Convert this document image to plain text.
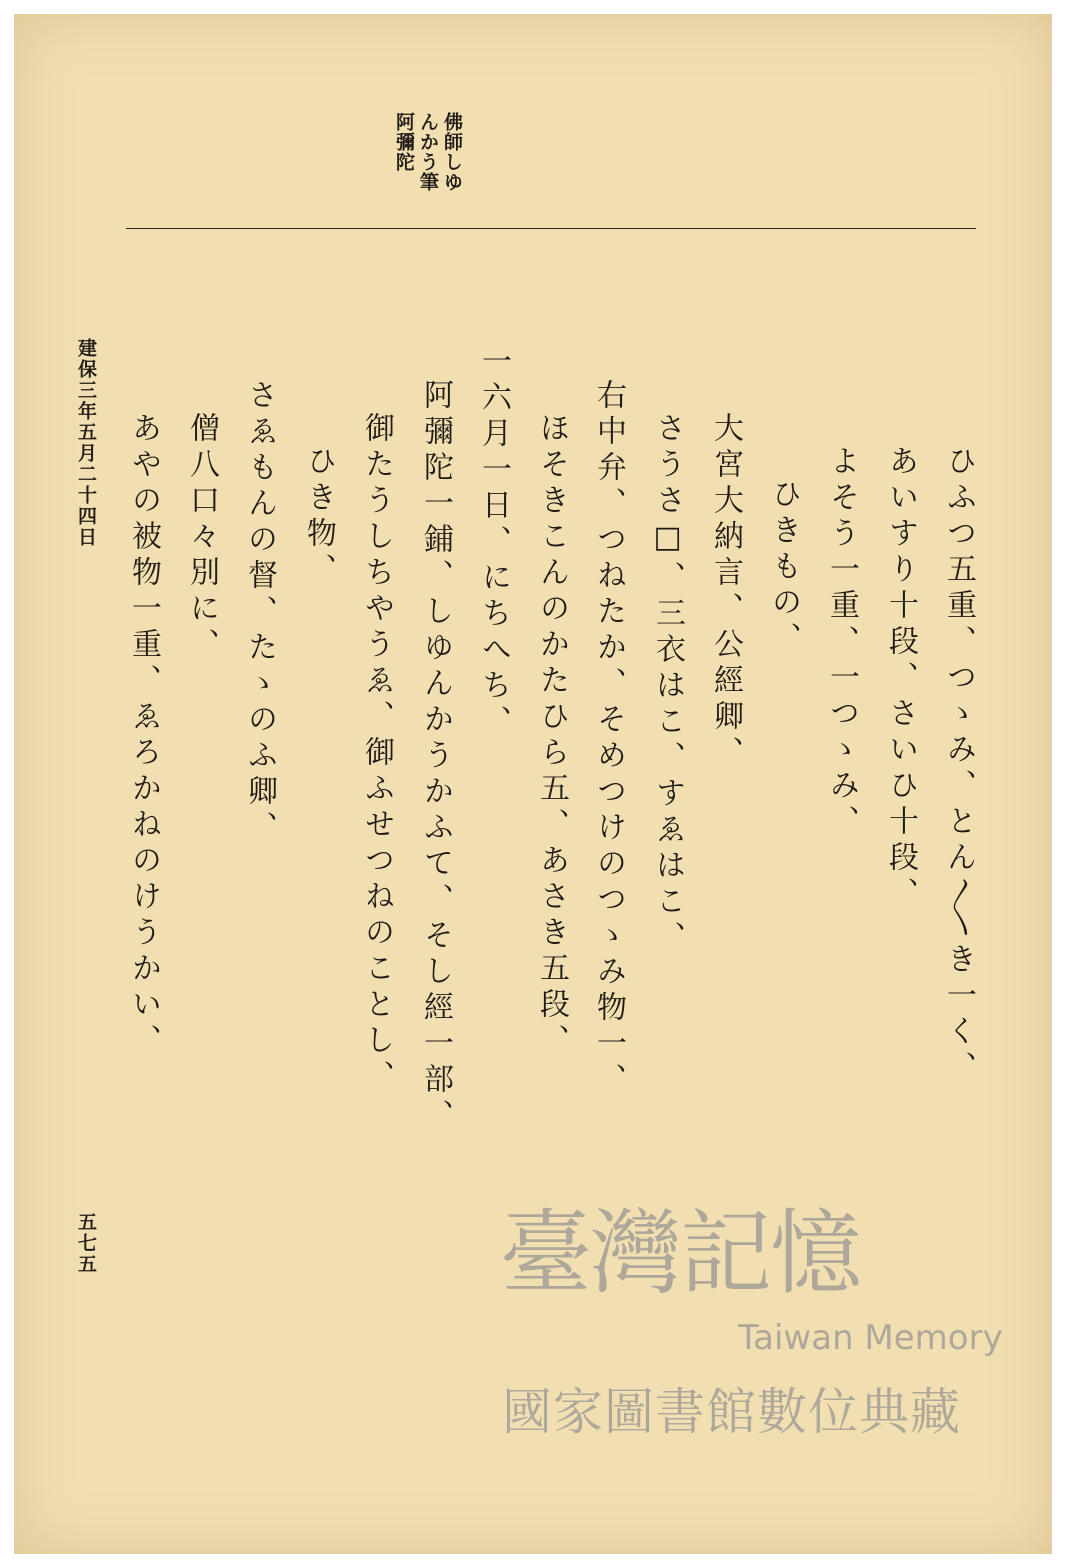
佛師しゆ
んかう筆
阿彌陀
ひふつ五重、つゝみ、とん〳〵き一く、
あいすり十段、さいひ十段、
よそう一重、一つゝみ、
ひきもの、
大宮大納言、公經卿、
さうさ□、三衣はこ、すゑはこ、
右中弁、つねたか、そめつけのつゝみ物一、
ほそきこんのかたひら五、あさき五段、
一六月一日、にちへち、
阿彌陀一鋪、しゆんかうかふて、そし經一部、
御たうしちやうゑ、御ふせつねのことし、
ひき物、
さゑもんの督、たゝのふ卿、
僧八口々別に、
あやの被物一重、ゑろかねのけうかい、
建保三年五月二十四日
五七五	臺灣記憶
Taiwan Memory
國家圖書館數位典藏
